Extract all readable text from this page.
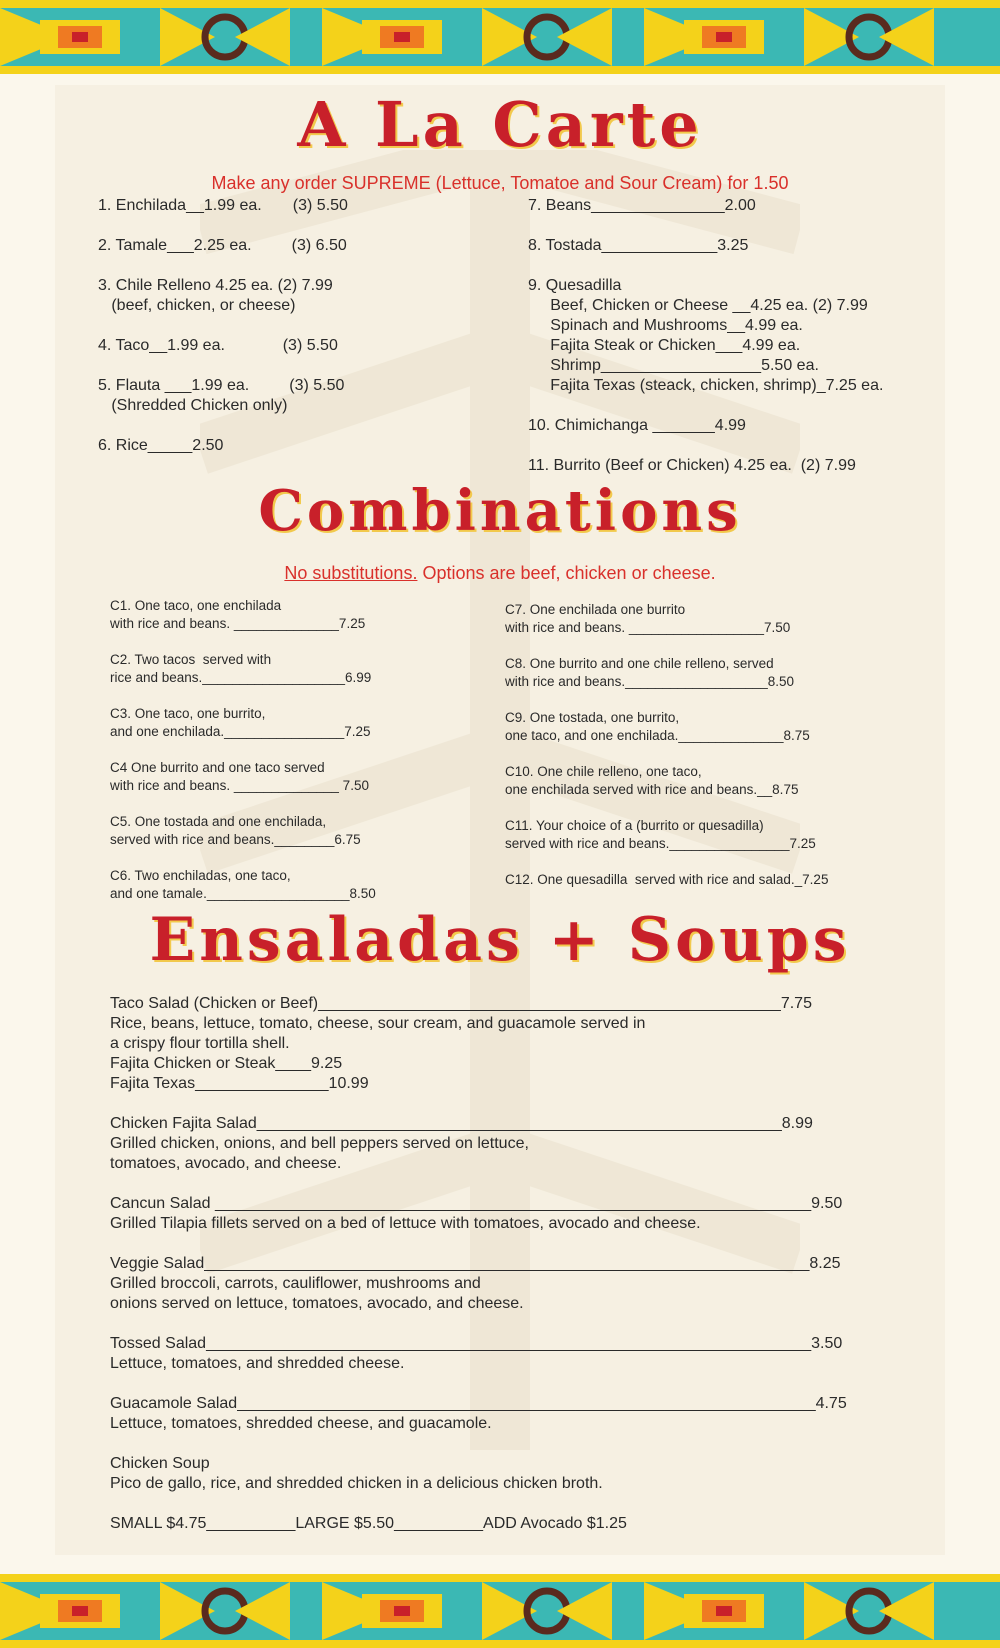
A La Carte
Make any order SUPREME (Lettuce, Tomatoe and Sour Cream) for 1.50
1. Enchilada__1.99 ea.       (3) 5.50
2. Tamale___2.25 ea.         (3) 6.50
3. Chile Relleno 4.25 ea. (2) 7.99
(beef, chicken, or cheese)
4. Taco__1.99 ea.             (3) 5.50
5. Flauta ___1.99 ea.         (3) 5.50
(Shredded Chicken only)
6. Rice_____2.50
7. Beans_______________2.00
8. Tostada_____________3.25
9. Quesadilla
Beef, Chicken or Cheese __4.25 ea. (2) 7.99
Spinach and Mushrooms__4.99 ea.
Fajita Steak or Chicken___4.99 ea.
Shrimp__________________5.50 ea.
Fajita Texas (steack, chicken, shrimp)_7.25 ea.
10. Chimichanga _______4.99
11. Burrito (Beef or Chicken) 4.25 ea.  (2) 7.99
Combinations
No substitutions. Options are beef, chicken or cheese.
C1. One taco, one enchilada
with rice and beans. ______________7.25
C2. Two tacos  served with
rice and beans.___________________6.99
C3. One taco, one burrito,
and one enchilada.________________7.25
C4 One burrito and one taco served
with rice and beans. ______________ 7.50
C5. One tostada and one enchilada,
served with rice and beans.________6.75
C6. Two enchiladas, one taco,
and one tamale.___________________8.50
C7. One enchilada one burrito
with rice and beans. __________________7.50
C8. One burrito and one chile relleno, served
with rice and beans.___________________8.50
C9. One tostada, one burrito,
one taco, and one enchilada.______________8.75
C10. One chile relleno, one taco,
one enchilada served with rice and beans.__8.75
C11. Your choice of a (burrito or quesadilla)
served with rice and beans.________________7.25
C12. One quesadilla  served with rice and salad._7.25
Ensaladas + Soups
Taco Salad (Chicken or Beef)____________________________________________________7.75
Rice, beans, lettuce, tomato, cheese, sour cream, and guacamole served in
a crispy flour tortilla shell.
Fajita Chicken or Steak____9.25
Fajita Texas_______________10.99
Chicken Fajita Salad___________________________________________________________8.99
Grilled chicken, onions, and bell peppers served on lettuce,
tomatoes, avocado, and cheese.
Cancun Salad ___________________________________________________________________9.50
Grilled Tilapia fillets served on a bed of lettuce with tomatoes, avocado and cheese.
Veggie Salad____________________________________________________________________8.25
Grilled broccoli, carrots, cauliflower, mushrooms and
onions served on lettuce, tomatoes, avocado, and cheese.
Tossed Salad____________________________________________________________________3.50
Lettuce, tomatoes, and shredded cheese.
Guacamole Salad_________________________________________________________________4.75
Lettuce, tomatoes, shredded cheese, and guacamole.
Chicken Soup
Pico de gallo, rice, and shredded chicken in a delicious chicken broth.
SMALL $4.75__________LARGE $5.50__________ADD Avocado $1.25
